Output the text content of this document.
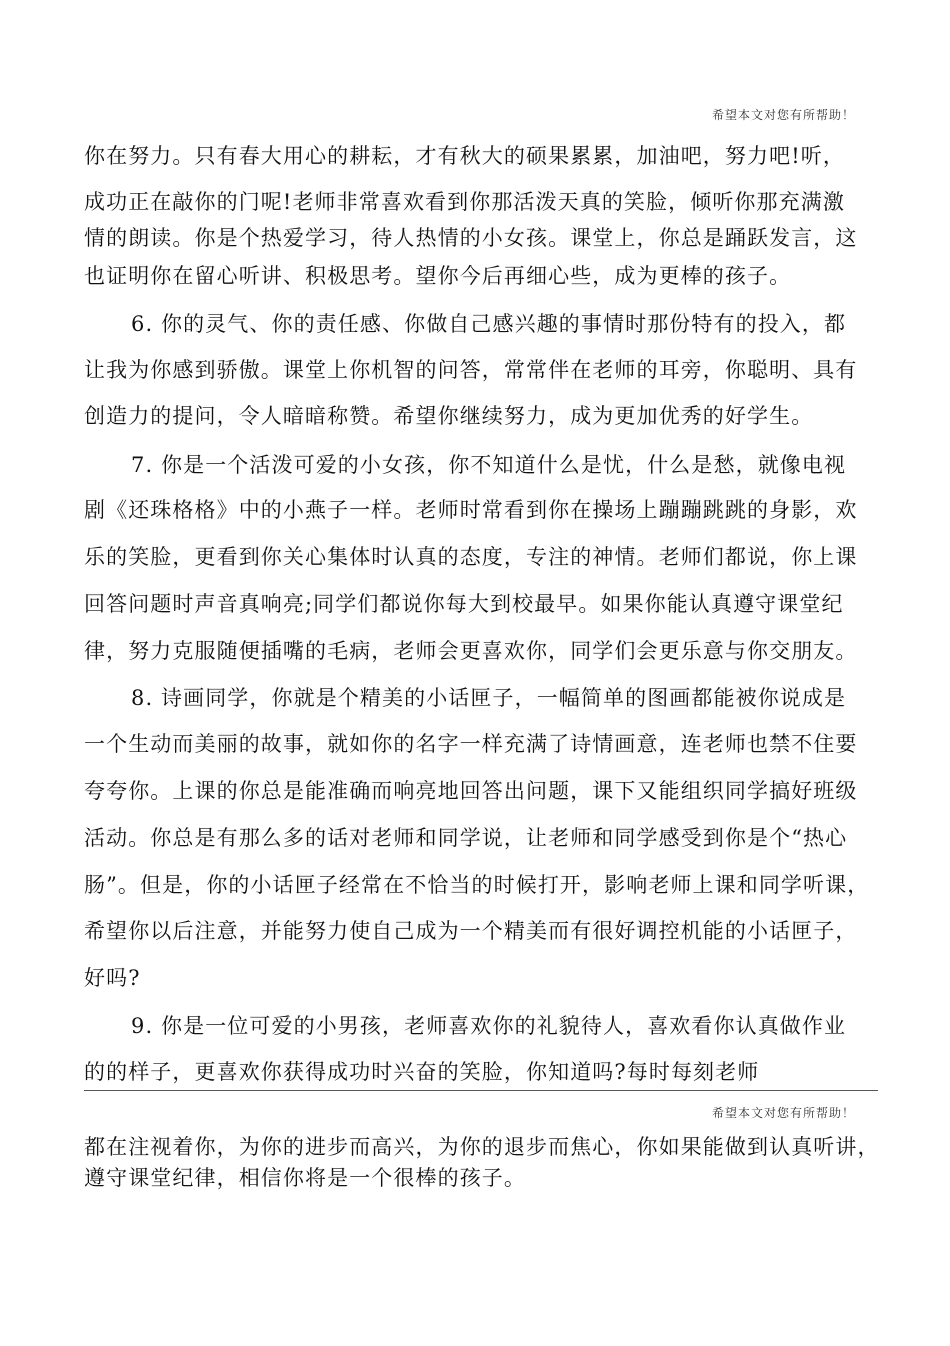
希望本文对您有所帮助！
你在努力。只有春大用心的耕耘，才有秋大的硕果累累，加油吧，努力吧!听，
成功正在敲你的门呢!老师非常喜欢看到你那活泼天真的笑脸，倾听你那充满激
情的朗读。你是个热爱学习，待人热情的小女孩。课堂上，你总是踊跃发言，这
也证明你在留心听讲、积极思考。望你今后再细心些，成为更棒的孩子。
6. 你的灵气、你的责任感、你做自己感兴趣的事情时那份特有的投入，都
让我为你感到骄傲。课堂上你机智的问答，常常伴在老师的耳旁，你聪明、具有
创造力的提问，令人暗暗称赞。希望你继续努力，成为更加优秀的好学生。
7. 你是一个活泼可爱的小女孩，你不知道什么是忧，什么是愁，就像电视
剧《还珠格格》中的小燕子一样。老师时常看到你在操场上蹦蹦跳跳的身影，欢
乐的笑脸，更看到你关心集体时认真的态度，专注的神情。老师们都说，你上课
回答问题时声音真响亮;同学们都说你每大到校最早。如果你能认真遵守课堂纪
律，努力克服随便插嘴的毛病，老师会更喜欢你，同学们会更乐意与你交朋友。
8. 诗画同学，你就是个精美的小话匣子，一幅简单的图画都能被你说成是
一个生动而美丽的故事，就如你的名字一样充满了诗情画意，连老师也禁不住要
夸夸你。上课的你总是能准确而响亮地回答出问题，课下又能组织同学搞好班级
活动。你总是有那么多的话对老师和同学说，让老师和同学感受到你是个“热心
肠”。但是，你的小话匣子经常在不恰当的时候打开，影响老师上课和同学听课，
希望你以后注意，并能努力使自己成为一个精美而有很好调控机能的小话匣子，
好吗?
9. 你是一位可爱的小男孩，老师喜欢你的礼貌待人，喜欢看你认真做作业
的的样子，更喜欢你获得成功时兴奋的笑脸，你知道吗?每时每刻老师
希望本文对您有所帮助！
都在注视着你，为你的进步而高兴，为你的退步而焦心，你如果能做到认真听讲，
遵守课堂纪律，相信你将是一个很棒的孩子。
